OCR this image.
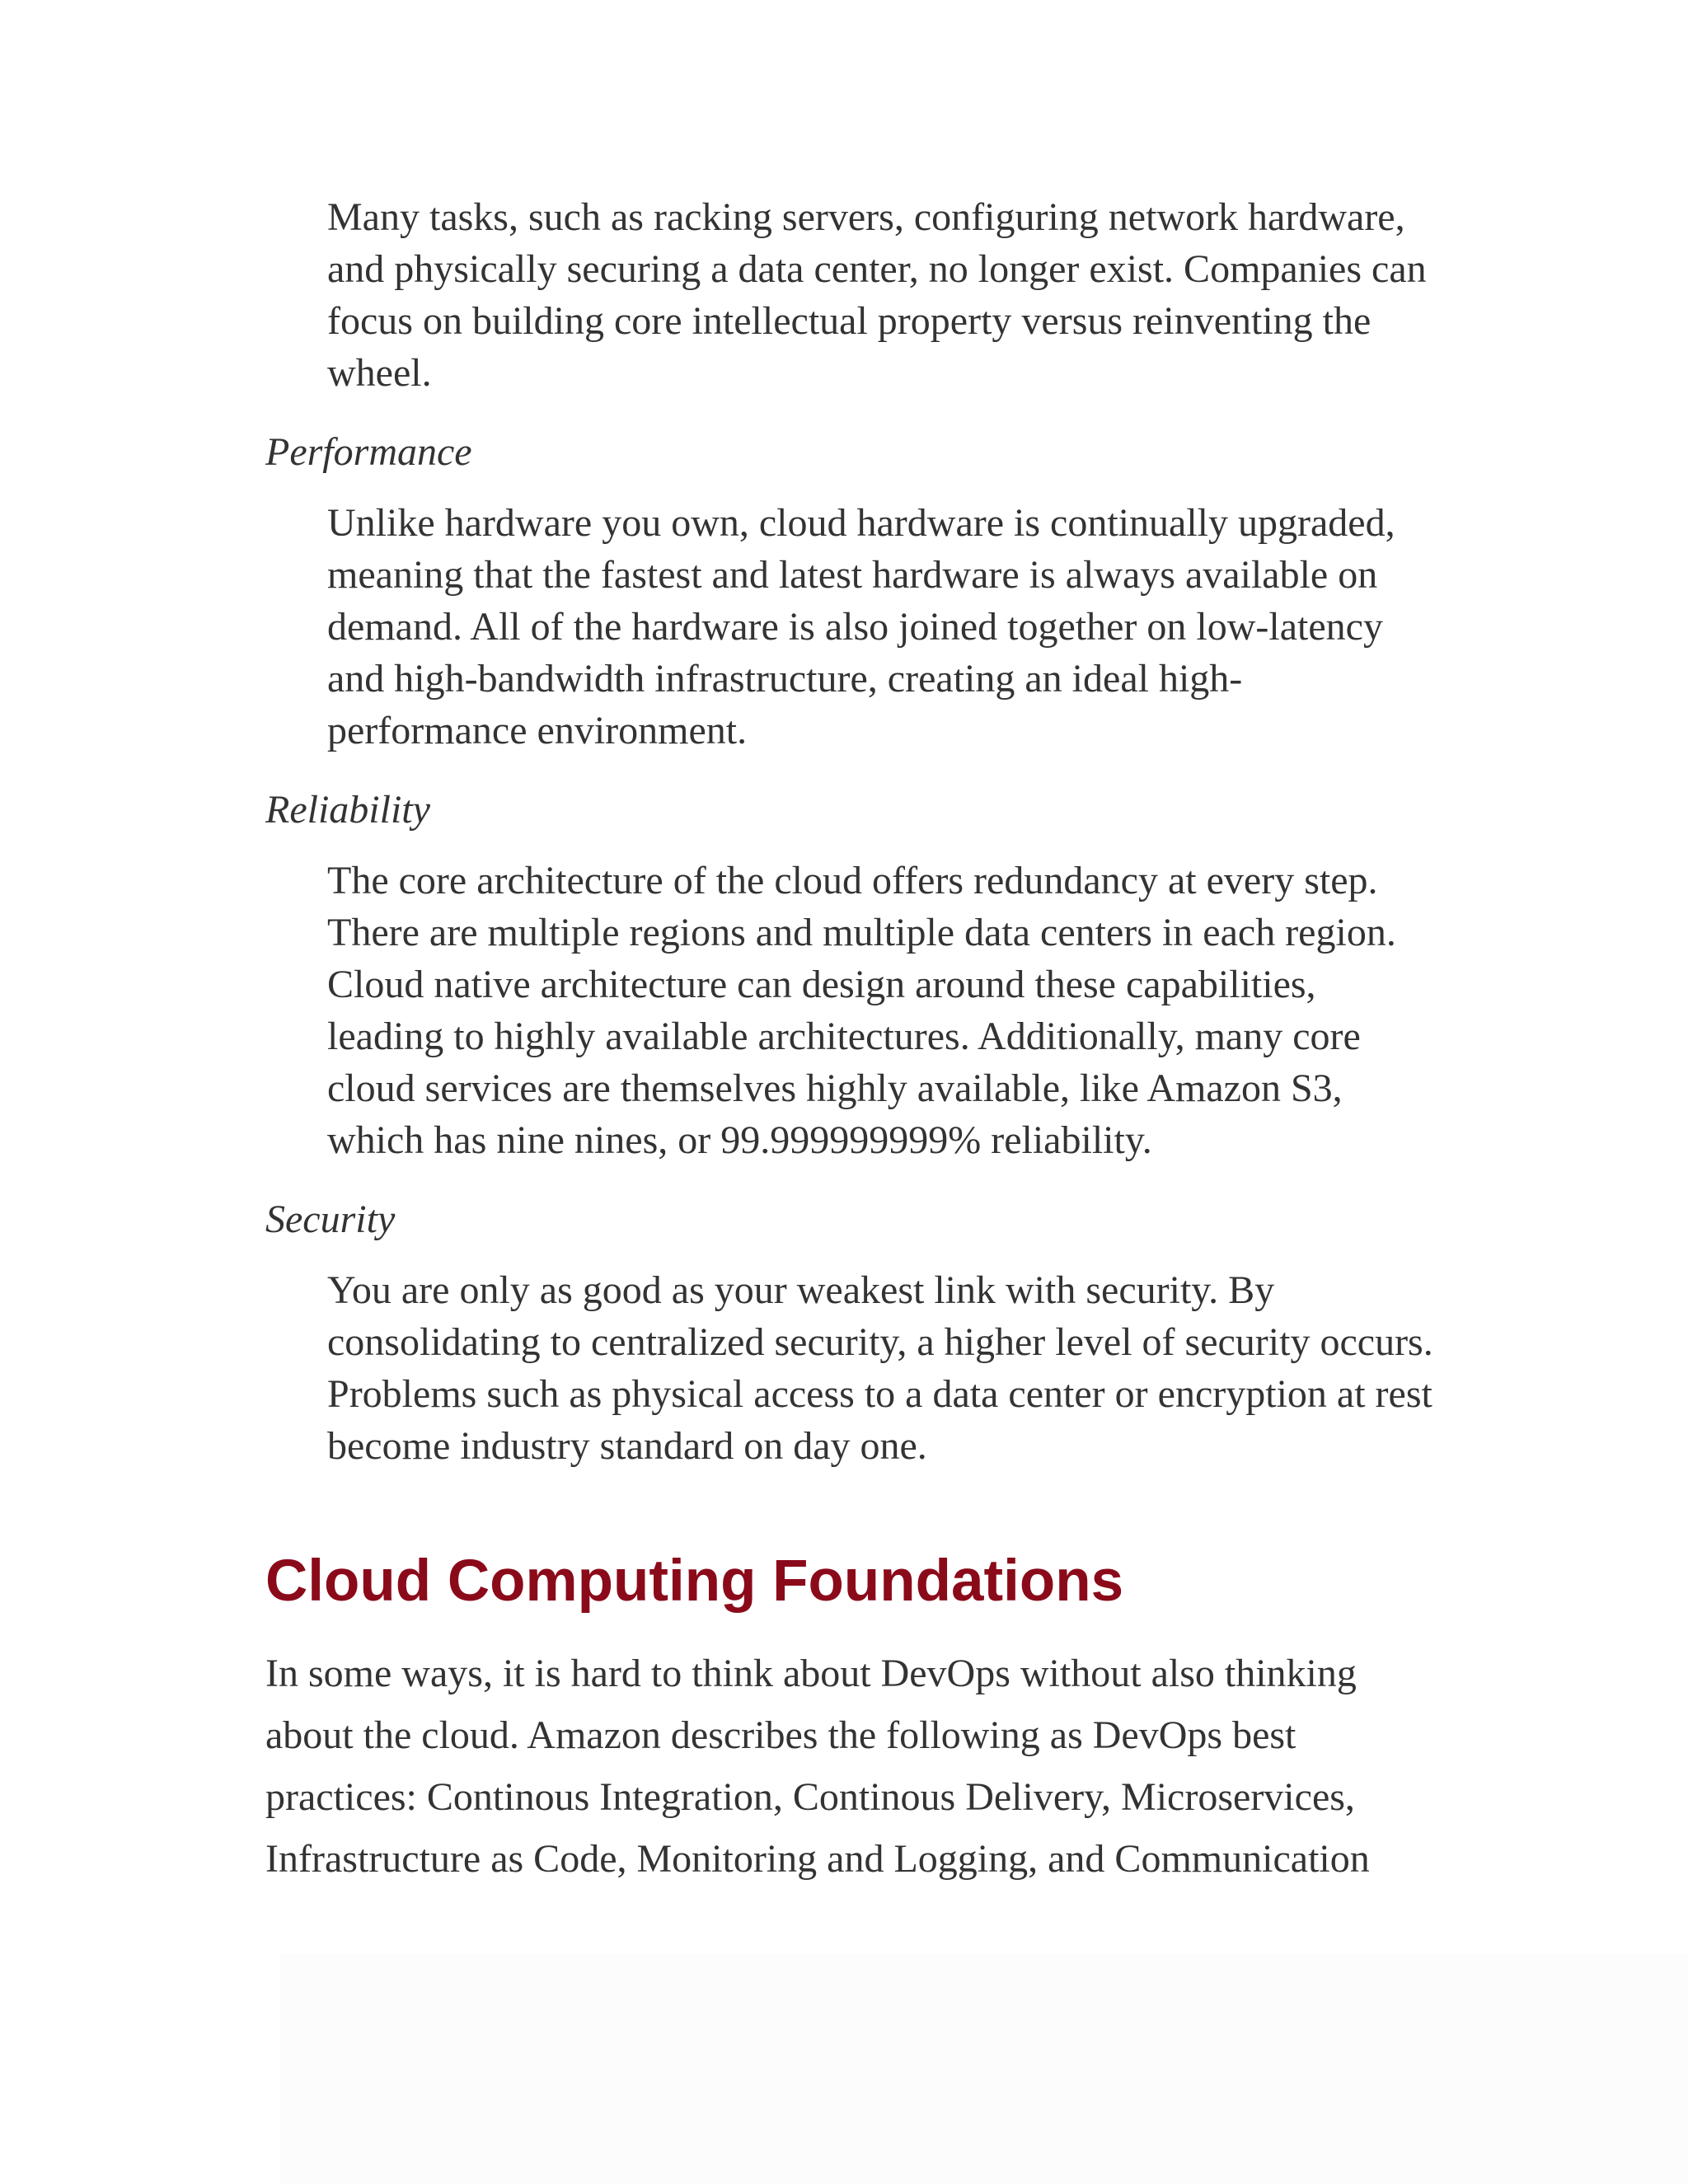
Many tasks, such as racking servers, configuring network hardware, and physically securing a data center, no longer exist. Companies can focus on building core intellectual property versus reinventing the wheel.

Performance

Unlike hardware you own, cloud hardware is continually upgraded, meaning that the fastest and latest hardware is always available on demand. All of the hardware is also joined together on low-latency and high-bandwidth infrastructure, creating an ideal high-performance environment.

Reliability

The core architecture of the cloud offers redundancy at every step. There are multiple regions and multiple data centers in each region. Cloud native architecture can design around these capabilities, leading to highly available architectures. Additionally, many core cloud services are themselves highly available, like Amazon S3, which has nine nines, or 99.999999999% reliability.

Security

You are only as good as your weakest link with security. By consolidating to centralized security, a higher level of security occurs. Problems such as physical access to a data center or encryption at rest become industry standard on day one.

Cloud Computing Foundations

In some ways, it is hard to think about DevOps without also thinking about the cloud. Amazon describes the following as DevOps best practices: Continous Integration, Continous Delivery, Microservices, Infrastructure as Code, Monitoring and Logging, and Communication
